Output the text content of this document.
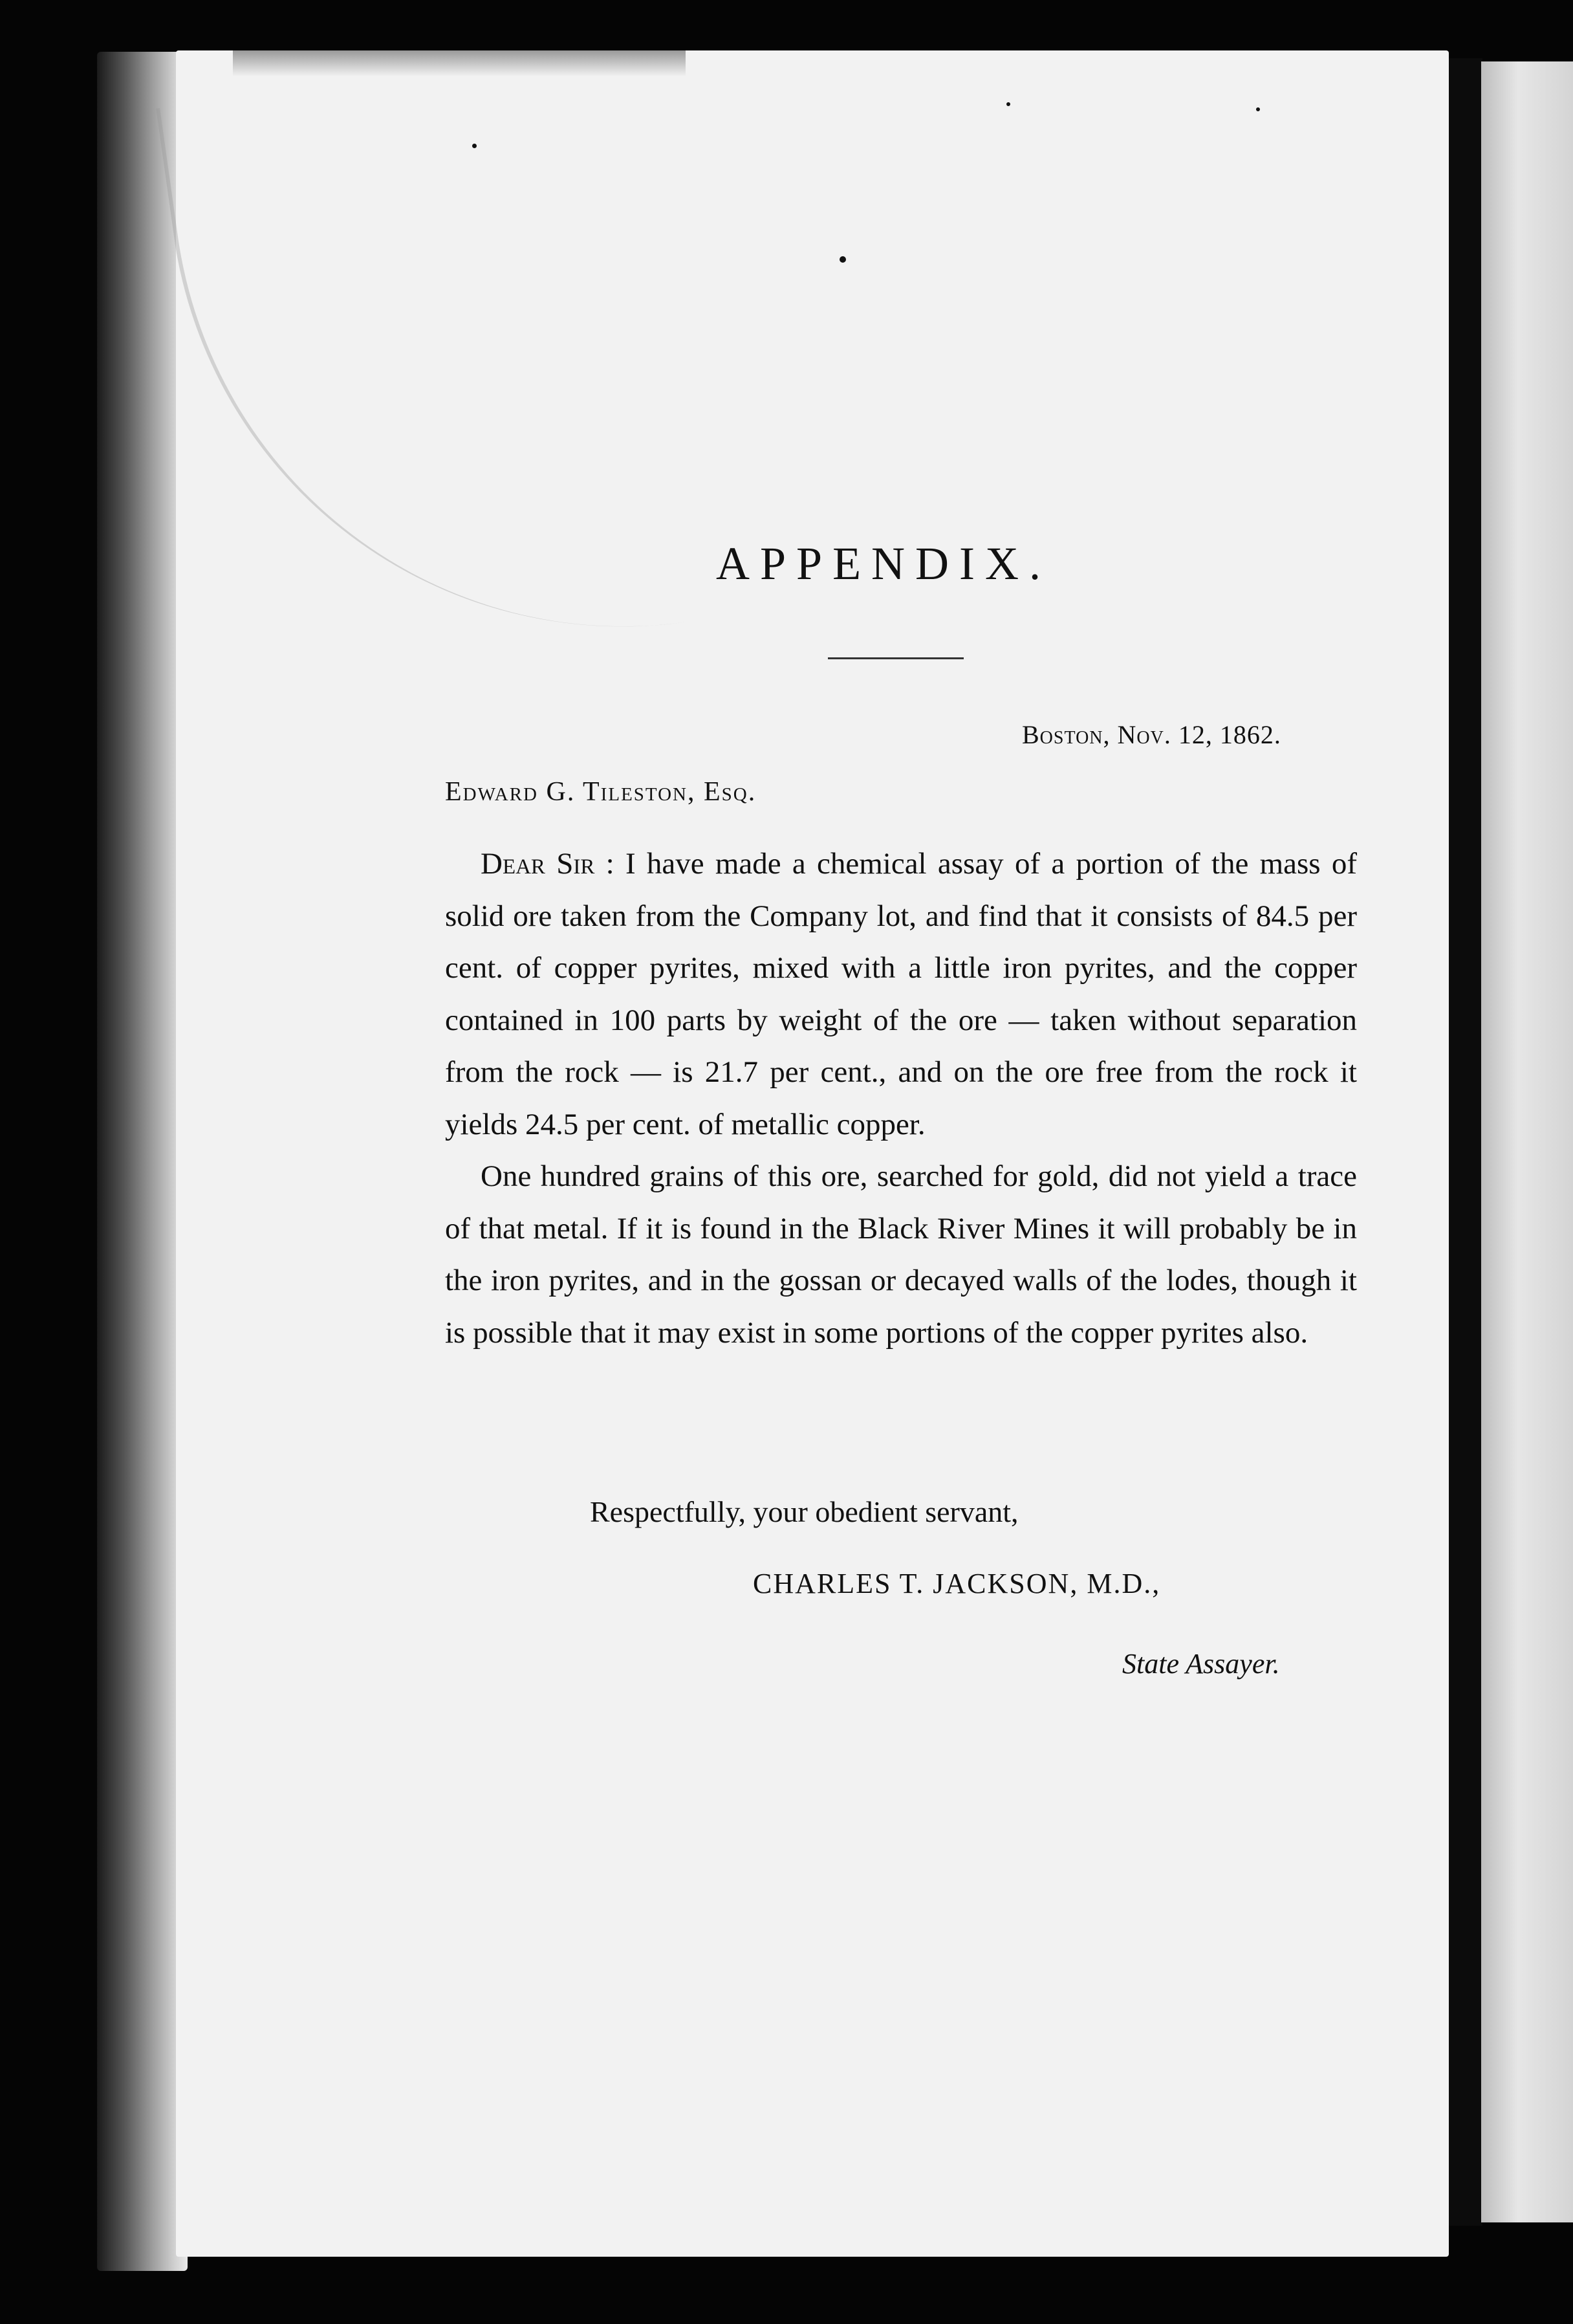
APPENDIX.
Boston, Nov. 12, 1862.
Edward G. Tileston, Esq.

Dear Sir : I have made a chemical assay of a portion of the mass of solid ore taken from the Company lot, and find that it consists of 84.5 per cent. of copper pyrites, mixed with a little iron pyrites, and the copper contained in 100 parts by weight of the ore — taken without separation from the rock — is 21.7 per cent., and on the ore free from the rock it yields 24.5 per cent. of metallic copper.

One hundred grains of this ore, searched for gold, did not yield a trace of that metal. If it is found in the Black River Mines it will probably be in the iron pyrites, and in the gossan or decayed walls of the lodes, though it is possible that it may exist in some portions of the copper pyrites also.

Respectfully, your obedient servant,
CHARLES T. JACKSON, M.D.,
State Assayer.
